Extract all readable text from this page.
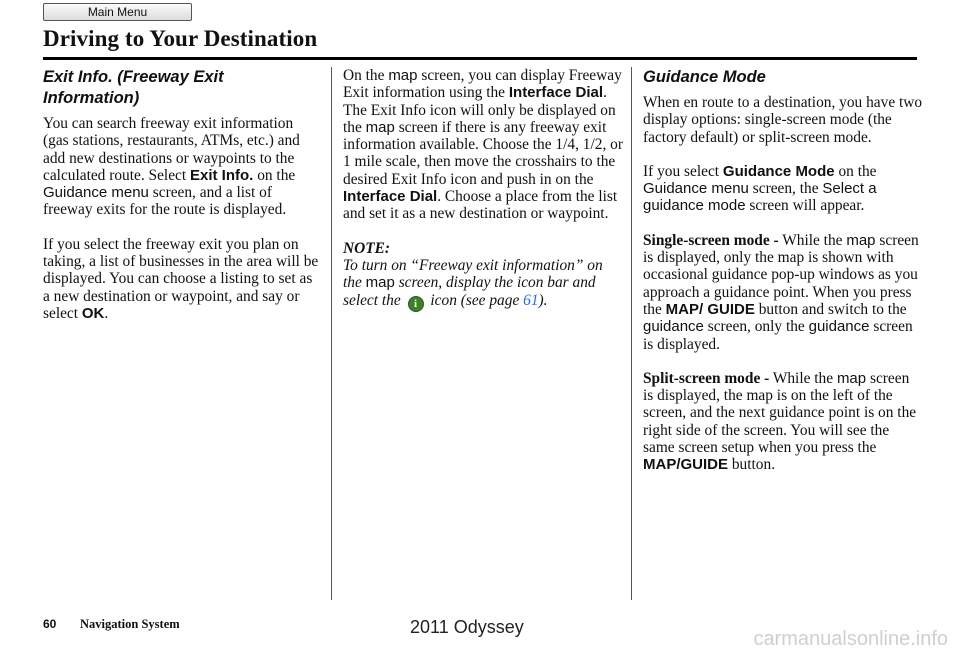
Main Menu
Driving to Your Destination
Exit Info. (Freeway Exit Information)

You can search freeway exit information (gas stations, restaurants, ATMs, etc.) and add new destinations or waypoints to the calculated route. Select Exit Info. on the Guidance menu screen, and a list of freeway exits for the route is displayed.

If you select the freeway exit you plan on taking, a list of businesses in the area will be displayed. You can choose a listing to set as a new destination or waypoint, and say or select OK.

On the map screen, you can display Freeway Exit information using the Interface Dial. The Exit Info icon will only be displayed on the map screen if there is any freeway exit information available. Choose the 1/4, 1/2, or 1 mile scale, then move the crosshairs to the desired Exit Info icon and push in on the Interface Dial. Choose a place from the list and set it as a new destination or waypoint.

NOTE:
To turn on “Freeway exit information” on the map screen, display the icon bar and select the i icon (see page 61).

Guidance Mode

When en route to a destination, you have two display options: single-screen mode (the factory default) or split-screen mode.

If you select Guidance Mode on the Guidance menu screen, the Select a guidance mode screen will appear.

Single-screen mode - While the map screen is displayed, only the map is shown with occasional guidance pop-up windows as you approach a guidance point. When you press the MAP/ GUIDE button and switch to the guidance screen, only the guidance screen is displayed.

Split-screen mode - While the map screen is displayed, the map is on the left of the screen, and the next guidance point is on the right side of the screen. You will see the same screen setup when you press the MAP/GUIDE button.

60 Navigation System	2011 Odyssey
carmanualsonline.info
